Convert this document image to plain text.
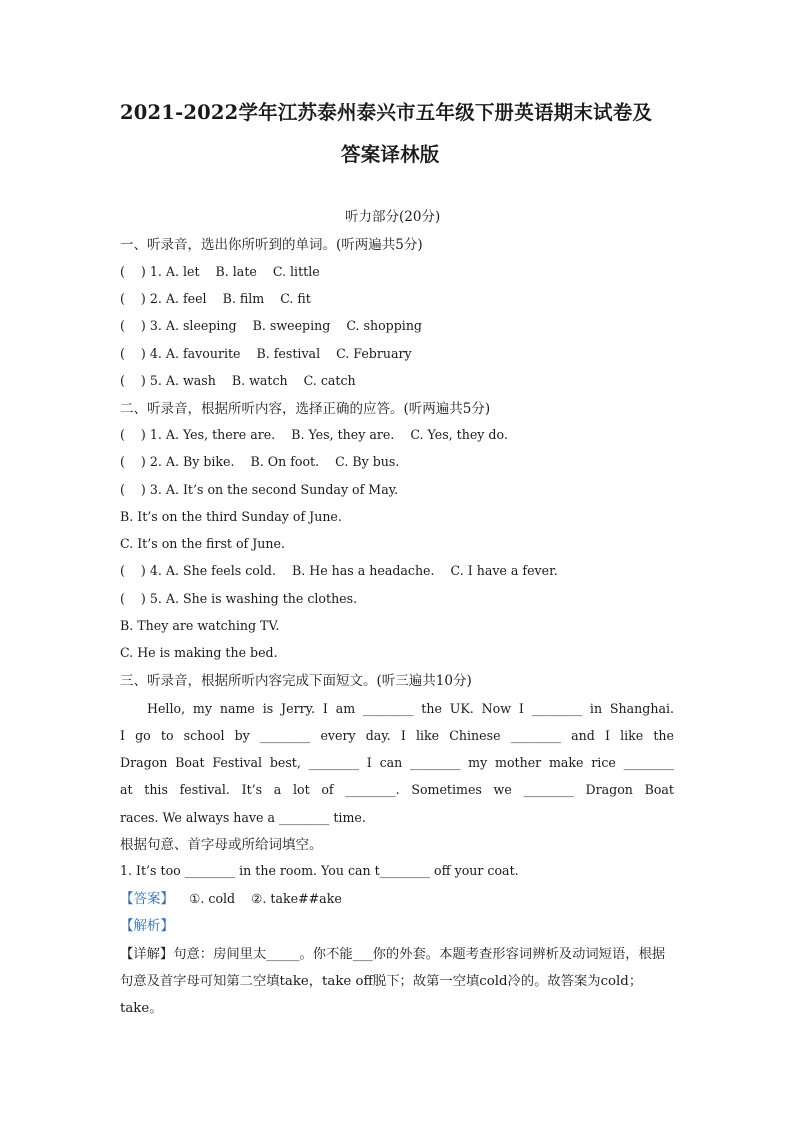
2021-2022学年江苏泰州泰兴市五年级下册英语期末试卷及
答案译林版
听力部分(20分)
一、听录音，选出你所听到的单词。(听两遍共5分)
(    ) 1. A. let    B. late    C. little
(    ) 2. A. feel    B. film    C. fit
(    ) 3. A. sleeping    B. sweeping    C. shopping
(    ) 4. A. favourite    B. festival    C. February
(    ) 5. A. wash    B. watch    C. catch
二、听录音，根据所听内容，选择正确的应答。(听两遍共5分)
(    ) 1. A. Yes, there are.    B. Yes, they are.    C. Yes, they do.
(    ) 2. A. By bike.    B. On foot.    C. By bus.
(    ) 3. A. It’s on the second Sunday of May.
B. It’s on the third Sunday of June.
C. It’s on the first of June.
(    ) 4. A. She feels cold.    B. He has a headache.    C. I have a fever.
(    ) 5. A. She is washing the clothes.
B. They are watching TV.
C. He is making the bed.
三、听录音，根据所听内容完成下面短文。(听三遍共10分)
Hello, my name is Jerry. I am ________ the UK. Now I ________ in Shanghai.
I go to school by ________ every day. I like Chinese ________ and I like the
Dragon Boat Festival best, ________ I can ________ my mother make rice ________
at this festival. It’s a lot of ________. Sometimes we ________ Dragon Boat
races. We always have a ________ time.
根据句意、首字母或所给词填空。
1. It’s too ________ in the room. You can t________ off your coat.
【答案】 ①. cold    ②. take##ake
【解析】
【详解】句意：房间里太_____。你不能___你的外套。本题考查形容词辨析及动词短语，根据句意及首字母可知第二空填take，take off脱下；故第一空填cold冷的。故答案为cold；take。
